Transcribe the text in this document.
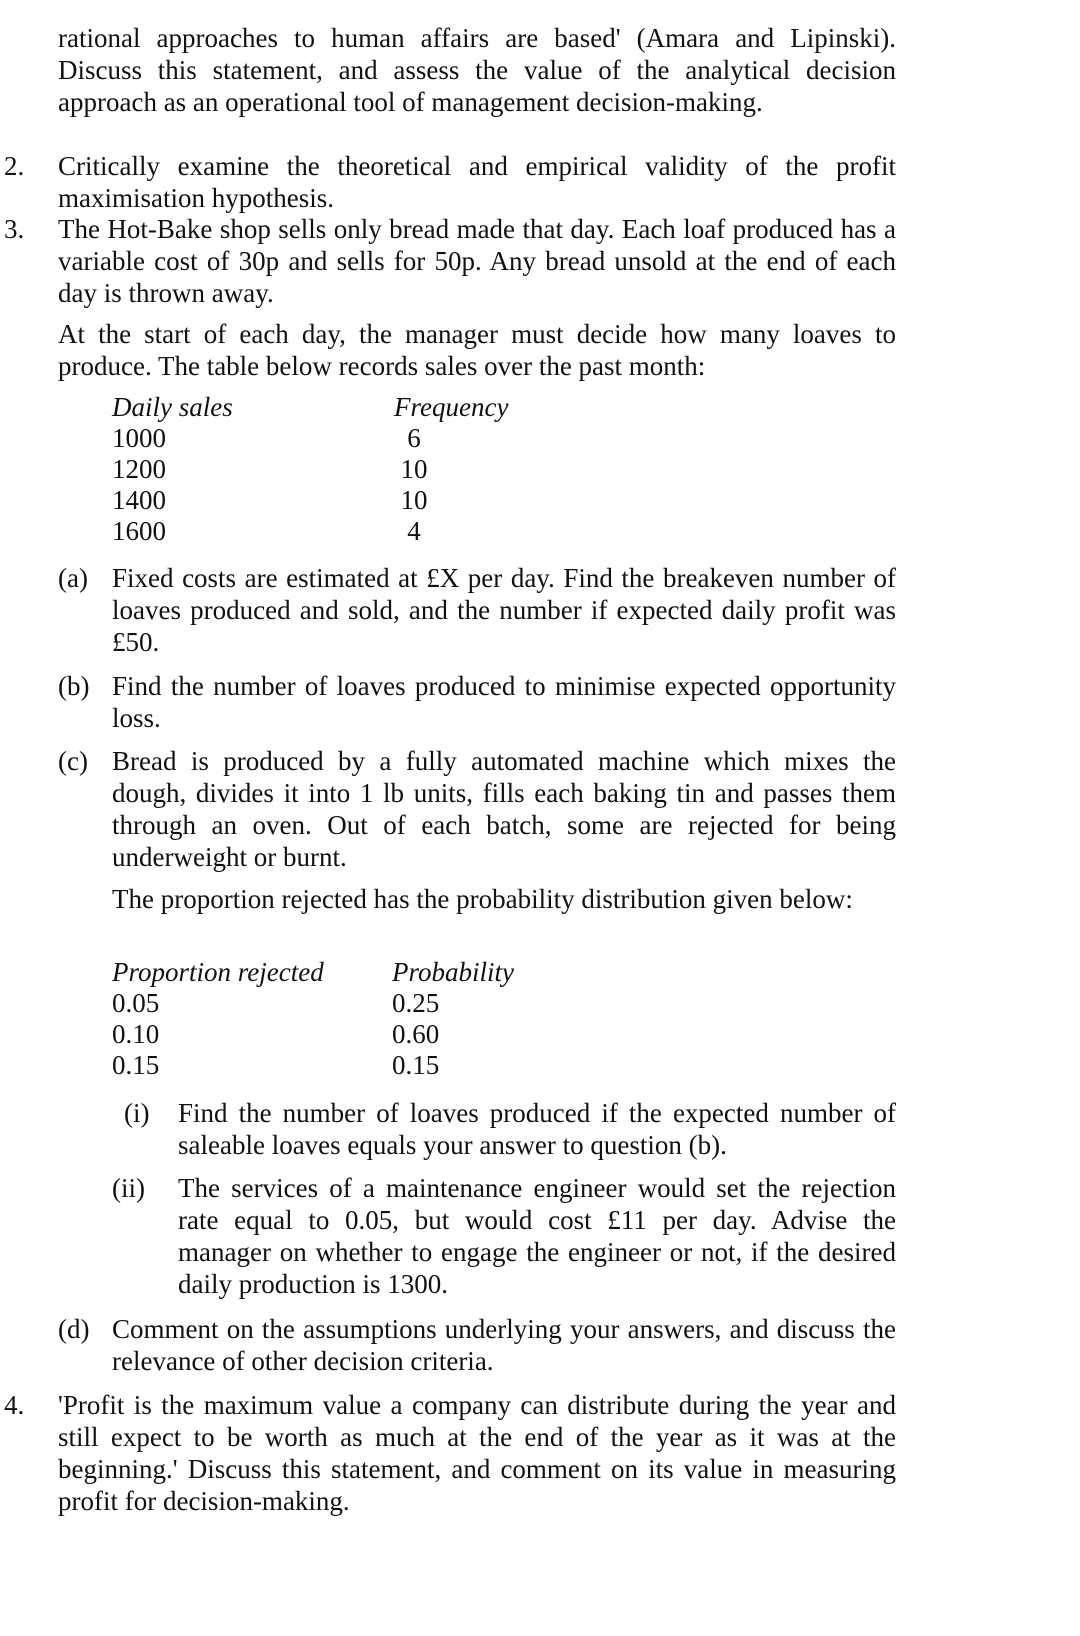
rational approaches to human affairs are based' (Amara and Lipinski). Discuss this statement, and assess the value of the analytical decision approach as an operational tool of management decision-making.

2. Critically examine the theoretical and empirical validity of the profit maximisation hypothesis.

3. The Hot-Bake shop sells only bread made that day. Each loaf produced has a variable cost of 30p and sells for 50p. Any bread unsold at the end of each day is thrown away.

At the start of each day, the manager must decide how many loaves to produce. The table below records sales over the past month:

Daily sales
1000
1200
1400
1600
Frequency
6
10
10
4
(a) Fixed costs are estimated at £X per day. Find the breakeven number of loaves produced and sold, and the number if expected daily profit was £50.

(b) Find the number of loaves produced to minimise expected opportunity loss.

(c) Bread is produced by a fully automated machine which mixes the dough, divides it into 1 lb units, fills each baking tin and passes them through an oven. Out of each batch, some are rejected for being underweight or burnt.

The proportion rejected has the probability distribution given below:

Proportion rejected
0.05
0.10
0.15
Probability
0.25
0.60
0.15
(i) Find the number of loaves produced if the expected number of saleable loaves equals your answer to question (b).

(ii) The services of a maintenance engineer would set the rejection rate equal to 0.05, but would cost £11 per day. Advise the manager on whether to engage the engineer or not, if the desired daily production is 1300.

(d) Comment on the assumptions underlying your answers, and discuss the relevance of other decision criteria.

4. 'Profit is the maximum value a company can distribute during the year and still expect to be worth as much at the end of the year as it was at the beginning.' Discuss this statement, and comment on its value in measuring profit for decision-making.
